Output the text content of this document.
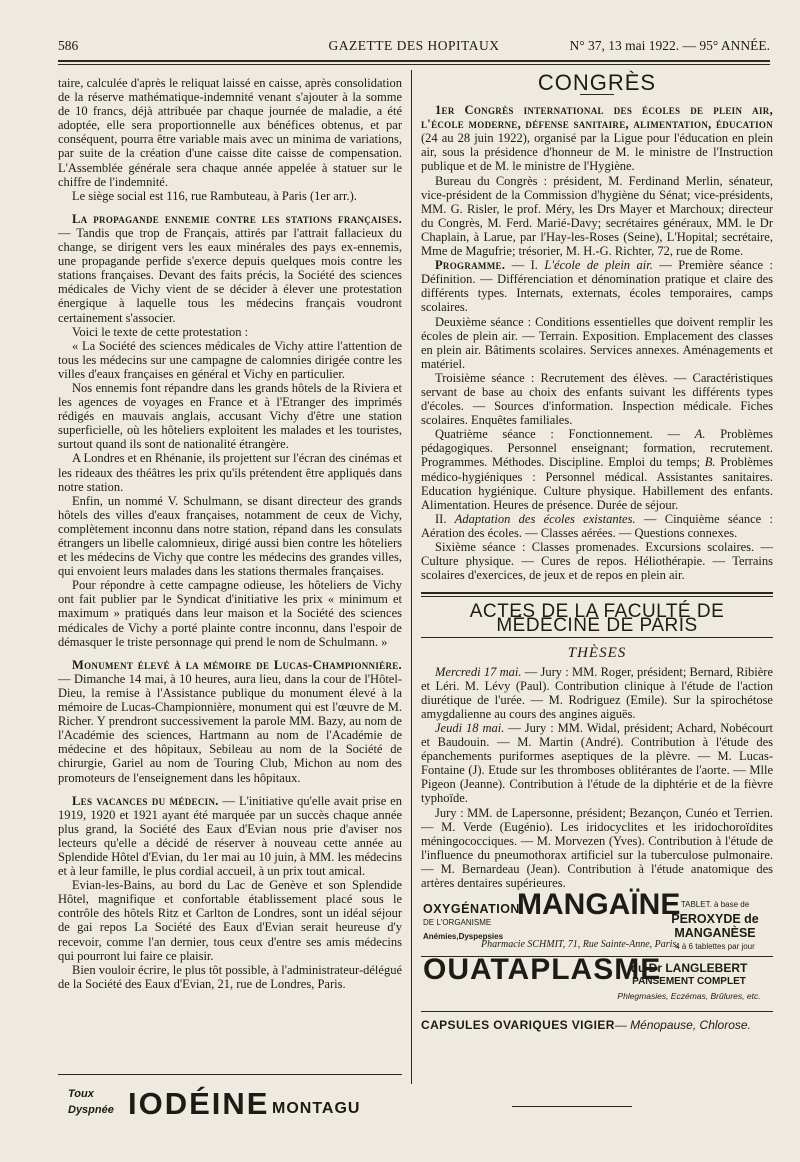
586	GAZETTE DES HOPITAUX	N° 37, 13 mai 1922. — 95° ANNÉE.

taire, calculée d'après le reliquat laissé en caisse, après consolidation de la réserve mathématique-indemnité venant s'ajouter à la somme de 10 francs, déjà attribuée par chaque journée de maladie, a été adoptée, elle sera proportionnelle aux bénéfices obtenus, et par conséquent, pourra être variable mais avec un minima de variations, par suite de la création d'une caisse dite caisse de compensation. L'Assemblée générale sera chaque année appelée à statuer sur le chiffre de l'indemnité.

Le siège social est 116, rue Rambuteau, à Paris (1er arr.).

La propagande ennemie contre les stations françaises. — Tandis que trop de Français, attirés par l'attrait fallacieux du change, se dirigent vers les eaux minérales des pays ex-ennemis, une propagande perfide s'exerce depuis quelques mois contre les stations françaises. Devant des faits précis, la Société des sciences médicales de Vichy vient de se décider à élever une protestation énergique à laquelle tous les médecins français voudront certainement s'associer.

Voici le texte de cette protestation :

« La Société des sciences médicales de Vichy attire l'attention de tous les médecins sur une campagne de calomnies dirigée contre les villes d'eaux françaises en général et Vichy en particulier.

Nos ennemis font répandre dans les grands hôtels de la Riviera et les agences de voyages en France et à l'Etranger des imprimés rédigés en mauvais anglais, accusant Vichy d'être une station superficielle, où les hôteliers exploitent les malades et les touristes, surtout quand ils sont de nationalité étrangère.

A Londres et en Rhénanie, ils projettent sur l'écran des cinémas et les rideaux des théâtres les prix qu'ils prétendent être appliqués dans notre station.

Enfin, un nommé V. Schulmann, se disant directeur des grands hôtels des villes d'eaux françaises, notamment de ceux de Vichy, complètement inconnu dans notre station, répand dans les consulats étrangers un libelle calomnieux, dirigé aussi bien contre les hôteliers et les médecins de Vichy que contre les médecins des grandes villes, qui envoient leurs malades dans les stations thermales françaises.

Pour répondre à cette campagne odieuse, les hôteliers de Vichy ont fait publier par le Syndicat d'initiative les prix « minimum et maximum » pratiqués dans leur maison et la Société des sciences médicales de Vichy a porté plainte contre inconnu, dans l'espoir de démasquer le triste personnage qui prend le nom de Schulmann. »

Monument élevé à la mémoire de Lucas-Championnière. — Dimanche 14 mai, à 10 heures, aura lieu, dans la cour de l'Hôtel-Dieu, la remise à l'Assistance publique du monument élevé à la mémoire de Lucas-Championnière, monument qui est l'œuvre de M. Richer. Y prendront successivement la parole MM. Bazy, au nom de l'Académie des sciences, Hartmann au nom de l'Académie de médecine et des hôpitaux, Sebileau au nom de la Société de chirurgie, Gariel au nom de Touring Club, Michon au nom des promoteurs de l'enseignement dans les hôpitaux.

Les vacances du médecin. — L'initiative qu'elle avait prise en 1919, 1920 et 1921 ayant été marquée par un succès chaque année plus grand, la Société des Eaux d'Evian nous prie d'aviser nos lecteurs qu'elle a décidé de réserver à nouveau cette année au Splendide Hôtel d'Evian, du 1er mai au 10 juin, à MM. les médecins et à leur famille, le plus cordial accueil, à un prix tout amical.

Evian-les-Bains, au bord du Lac de Genève et son Splendide Hôtel, magnifique et confortable établissement placé sous le contrôle des hôtels Ritz et Carlton de Londres, sont un idéal séjour de gai repos La Société des Eaux d'Evian serait heureuse d'y recevoir, comme l'an dernier, tous ceux d'entre ses amis médecins qui pourront lui faire ce plaisir.

Bien vouloir écrire, le plus tôt possible, à l'administrateur-délégué de la Société des Eaux d'Evian, 21, rue de Londres, Paris.

Toux
Dyspnée IODÉINE MONTAGU
CONGRÈS

1er Congrès international des écoles de plein air, l'école moderne, défense sanitaire, alimentation, éducation (24 au 28 juin 1922), organisé par la Ligue pour l'éducation en plein air, sous la présidence d'honneur de M. le ministre de l'Instruction publique et de M. le ministre de l'Hygiène.

Bureau du Congrès : président, M. Ferdinand Merlin, sénateur, vice-président de la Commission d'hygiène du Sénat; vice-présidents, MM. G. Risler, le prof. Méry, les Drs Mayer et Marchoux; directeur du Congrès, M. Ferd. Marié-Davy; secrétaires généraux, MM. le Dr Chaplain, à Larue, par l'Hay-les-Roses (Seine), L'Hopital; secrétaire, Mme de Magufrie; trésorier, M. H.-G. Richter, 72, rue de Rome.

Programme. — I. L'école de plein air. — Première séance : Définition. — Différenciation et dénomination pratique et claire des différents types. Internats, externats, écoles temporaires, camps scolaires.

Deuxième séance : Conditions essentielles que doivent remplir les écoles de plein air. — Terrain. Exposition. Emplacement des classes en plein air. Bâtiments scolaires. Services annexes. Aménagements et matériel.

Troisième séance : Recrutement des élèves. — Caractéristiques servant de base au choix des enfants suivant les différents types d'écoles. — Sources d'information. Inspection médicale. Fiches scolaires. Enquêtes familiales.

Quatrième séance : Fonctionnement. — A. Problèmes pédagogiques. Personnel enseignant; formation, recrutement. Programmes. Méthodes. Discipline. Emploi du temps; B. Problèmes médico-hygiéniques : Personnel médical. Assistantes sanitaires. Education hygiénique. Culture physique. Habillement des enfants. Alimentation. Heures de présence. Durée de séjour.

II. Adaptation des écoles existantes. — Cinquième séance : Aération des écoles. — Classes aérées. — Questions connexes.

Sixième séance : Classes promenades. Excursions scolaires. — Culture physique. — Cures de repos. Héliothérapie. — Terrains scolaires d'exercices, de jeux et de repos en plein air.

ACTES DE LA FACULTÉ DE MÉDECINE DE PARIS
THÈSES

Mercredi 17 mai. — Jury : MM. Roger, président; Bernard, Ribière et Léri. M. Lévy (Paul). Contribution clinique à l'étude de l'action diurétique de l'urée. — M. Rodriguez (Emile). Sur la spirochétose amygdalienne au cours des angines aiguës.

Jeudi 18 mai. — Jury : MM. Widal, président; Achard, Nobécourt et Baudouin. — M. Martin (André). Contribution à l'étude des épanchements puriformes aseptiques de la plèvre. — M. Lucas-Fontaine (J). Etude sur les thromboses oblitérantes de l'aorte. — Mlle Pigeon (Jeanne). Contribution à l'étude de la diphtérie et de la fièvre typhoïde.

Jury : MM. de Lapersonne, président; Bezançon, Cunéo et Terrien. — M. Verde (Eugénio). Les iridocyclites et les iridochoroïdites méningococciques. — M. Morvezen (Yves). Contribution à l'étude de l'influence du pneumothorax artificiel sur la tuberculose pulmonaire. — M. Bernardeau (Jean). Contribution à l'étude anatomique des artères dentaires supérieures.

OXYGÉNATION
DE L'ORGANISME
Anémies,Dyspepsies
MANGAÏNE TABLET. à base de
PEROXYDE de MANGANÈSE
4 à 6 tablettes par jour
Pharmacie SCHMIT, 71, Rue Sainte-Anne, Paris.
OUATAPLASME
du Dr LANGLEBERT
PANSEMENT COMPLET
Phlegmasies, Eczémas, Brûlures, etc.
CAPSULES OVARIQUES VIGIER— Ménopause, Chlorose.
